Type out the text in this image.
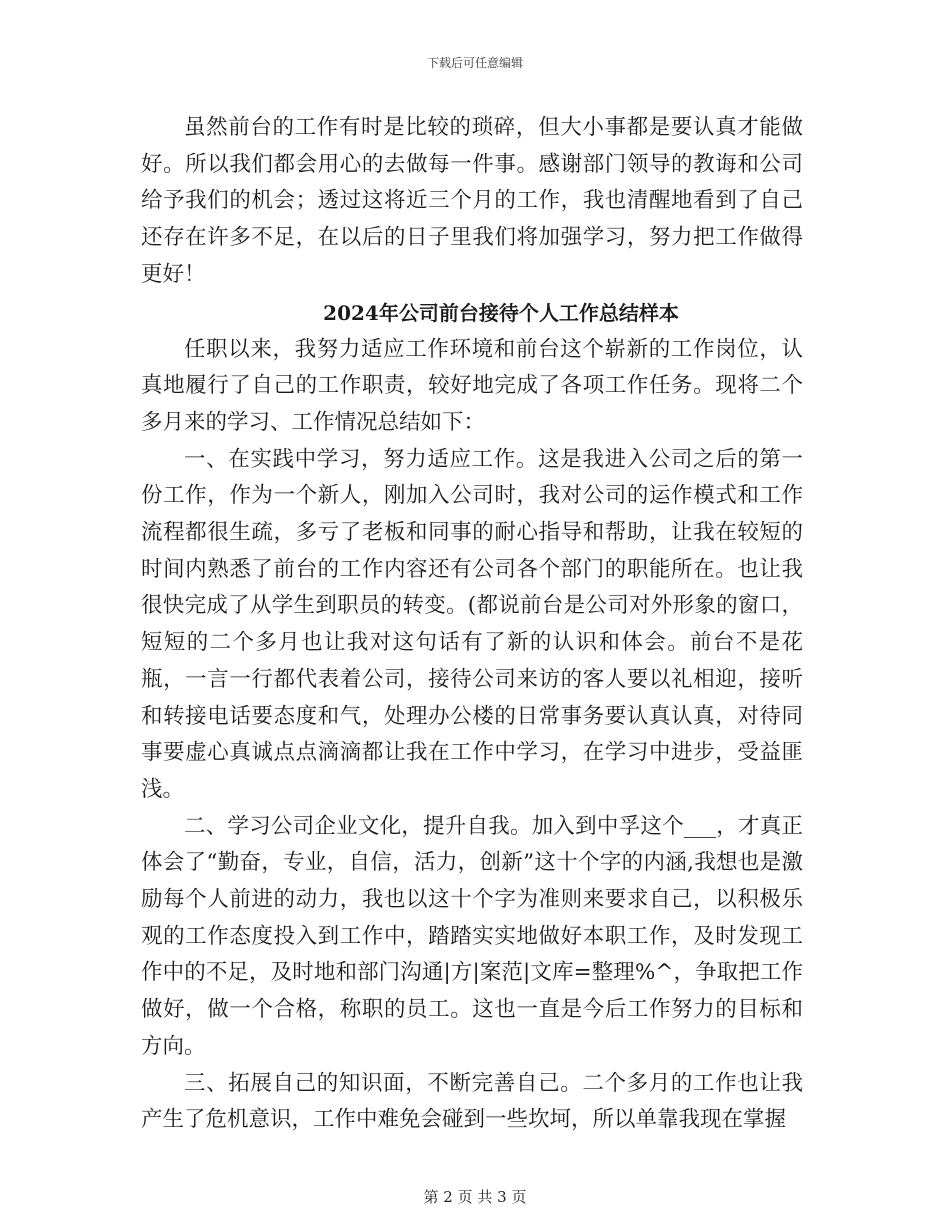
下载后可任意编辑

虽然前台的工作有时是比较的琐碎，但大小事都是要认真才能做好。所以我们都会用心的去做每一件事。感谢部门领导的教诲和公司给予我们的机会；透过这将近三个月的工作，我也清醒地看到了自己还存在许多不足，在以后的日子里我们将加强学习，努力把工作做得更好！

2024年公司前台接待个人工作总结样本

任职以来，我努力适应工作环境和前台这个崭新的工作岗位，认真地履行了自己的工作职责，较好地完成了各项工作任务。现将二个多月来的学习、工作情况总结如下：

一、在实践中学习，努力适应工作。这是我进入公司之后的第一份工作，作为一个新人，刚加入公司时，我对公司的运作模式和工作流程都很生疏，多亏了老板和同事的耐心指导和帮助，让我在较短的时间内熟悉了前台的工作内容还有公司各个部门的职能所在。也让我很快完成了从学生到职员的转变。(都说前台是公司对外形象的窗口，短短的二个多月也让我对这句话有了新的认识和体会。前台不是花瓶，一言一行都代表着公司，接待公司来访的客人要以礼相迎，接听和转接电话要态度和气，处理办公楼的日常事务要认真认真，对待同事要虚心真诚点点滴滴都让我在工作中学习，在学习中进步，受益匪浅。

二、学习公司企业文化，提升自我。加入到中孚这个___，才真正体会了“勤奋，专业，自信，活力，创新”这十个字的内涵,我想也是激励每个人前进的动力，我也以这十个字为准则来要求自己，以积极乐观的工作态度投入到工作中，踏踏实实地做好本职工作，及时发现工作中的不足，及时地和部门沟通|方|案范|文库=整理%^，争取把工作做好，做一个合格，称职的员工。这也一直是今后工作努力的目标和方向。

三、拓展自己的知识面，不断完善自己。二个多月的工作也让我产生了危机意识，工作中难免会碰到一些坎坷，所以单靠我现在掌握

第 2 页 共 3 页
